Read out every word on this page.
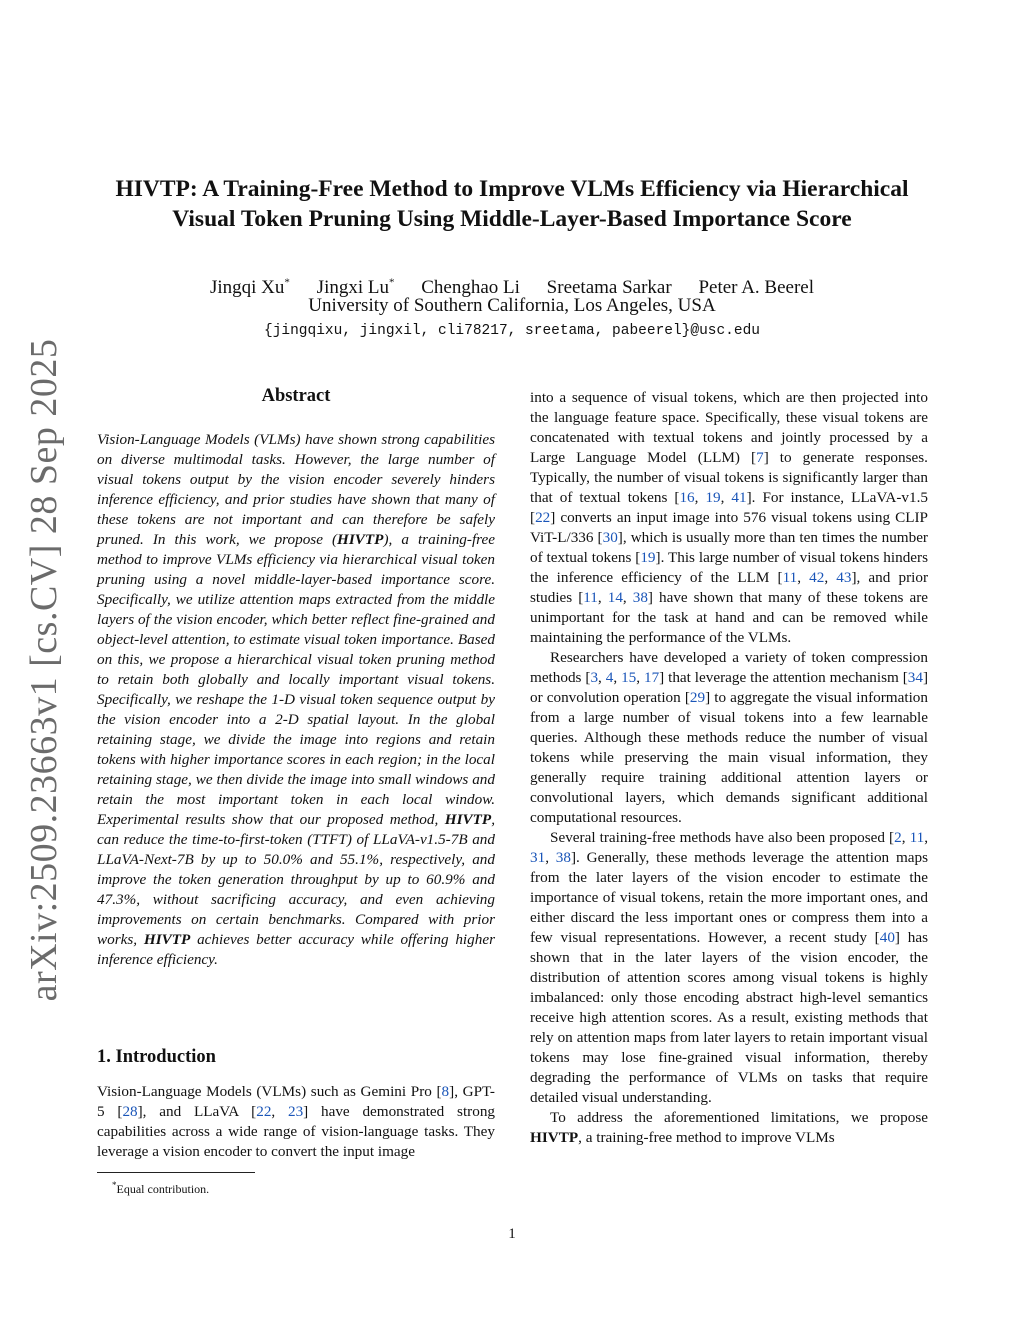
arXiv:2509.23663v1 [cs.CV] 28 Sep 2025
HIVTP: A Training-Free Method to Improve VLMs Efficiency via Hierarchical
Visual Token Pruning Using Middle-Layer-Based Importance Score
Jingqi Xu* Jingxi Lu* Chenghao Li Sreetama Sarkar Peter A. Beerel
University of Southern California, Los Angeles, USA
{jingqixu, jingxil, cli78217, sreetama, pabeerel}@usc.edu
Abstract
Vision-Language Models (VLMs) have shown strong capabilities on diverse multimodal tasks. However, the large number of visual tokens output by the vision encoder severely hinders inference efficiency, and prior studies have shown that many of these tokens are not important and can therefore be safely pruned. In this work, we propose (HIVTP), a training-free method to improve VLMs efficiency via hierarchical visual token pruning using a novel middle-layer-based importance score. Specifically, we utilize attention maps extracted from the middle layers of the vision encoder, which better reflect fine-grained and object-level attention, to estimate visual token importance. Based on this, we propose a hierarchical visual token pruning method to retain both globally and locally important visual tokens. Specifically, we reshape the 1-D visual token sequence output by the vision encoder into a 2-D spatial layout. In the global retaining stage, we divide the image into regions and retain tokens with higher importance scores in each region; in the local retaining stage, we then divide the image into small windows and retain the most important token in each local window. Experimental results show that our proposed method, HIVTP, can reduce the time-to-first-token (TTFT) of LLaVA-v1.5-7B and LLaVA-Next-7B by up to 50.0% and 55.1%, respectively, and improve the token generation throughput by up to 60.9% and 47.3%, without sacrificing accuracy, and even achieving improvements on certain benchmarks. Compared with prior works, HIVTP achieves better accuracy while offering higher inference efficiency.
1. Introduction
Vision-Language Models (VLMs) such as Gemini Pro [8], GPT-5 [28], and LLaVA [22, 23] have demonstrated strong capabilities across a wide range of vision-language tasks. They leverage a vision encoder to convert the input image

into a sequence of visual tokens, which are then projected into the language feature space. Specifically, these visual tokens are concatenated with textual tokens and jointly processed by a Large Language Model (LLM) [7] to generate responses. Typically, the number of visual tokens is significantly larger than that of textual tokens [16, 19, 41]. For instance, LLaVA-v1.5 [22] converts an input image into 576 visual tokens using CLIP ViT-L/336 [30], which is usually more than ten times the number of textual tokens [19]. This large number of visual tokens hinders the inference efficiency of the LLM [11, 42, 43], and prior studies [11, 14, 38] have shown that many of these tokens are unimportant for the task at hand and can be removed while maintaining the performance of the VLMs.

Researchers have developed a variety of token compression methods [3, 4, 15, 17] that leverage the attention mechanism [34] or convolution operation [29] to aggregate the visual information from a large number of visual tokens into a few learnable queries. Although these methods reduce the number of visual tokens while preserving the main visual information, they generally require training additional attention layers or convolutional layers, which demands significant additional computational resources.

Several training-free methods have also been proposed [2, 11, 31, 38]. Generally, these methods leverage the attention maps from the later layers of the vision encoder to estimate the importance of visual tokens, retain the more important ones, and either discard the less important ones or compress them into a few visual representations. However, a recent study [40] has shown that in the later layers of the vision encoder, the distribution of attention scores among visual tokens is highly imbalanced: only those encoding abstract high-level semantics receive high attention scores. As a result, existing methods that rely on attention maps from later layers to retain important visual tokens may lose fine-grained visual information, thereby degrading the performance of VLMs on tasks that require detailed visual understanding.

To address the aforementioned limitations, we propose HIVTP, a training-free method to improve VLMs

*Equal contribution.
1
